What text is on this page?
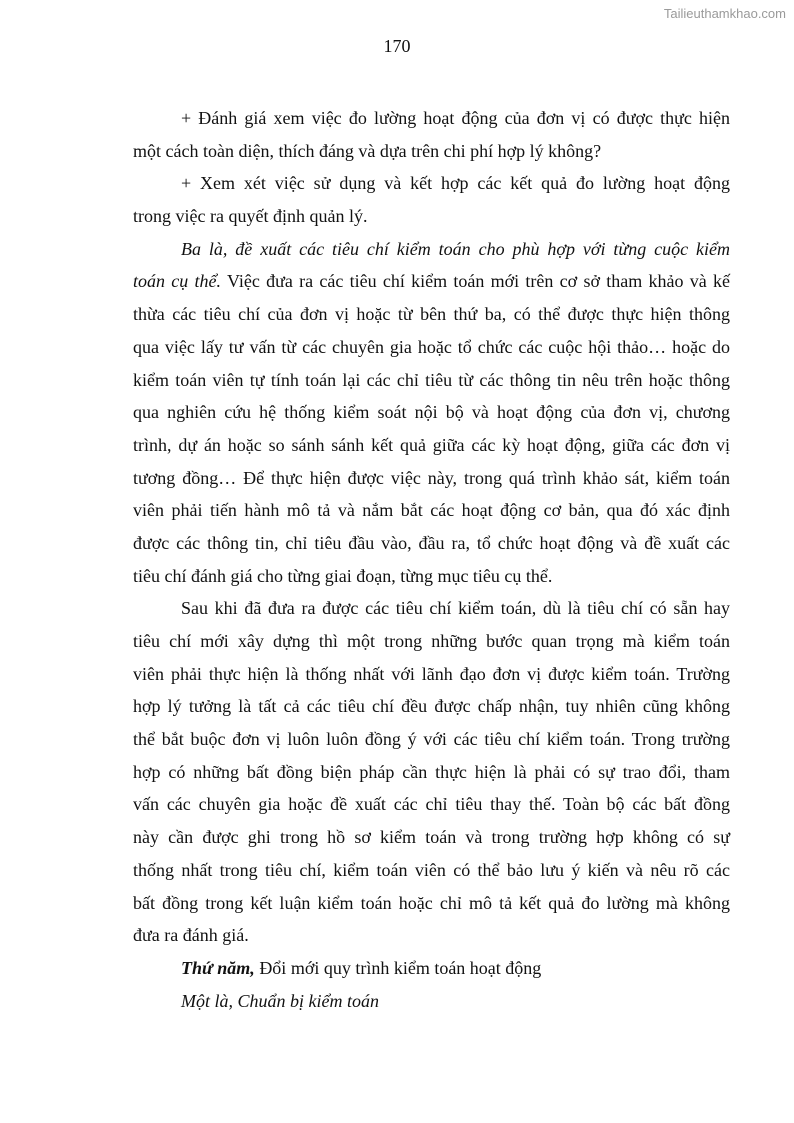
Tailieuthamkhao.com
170
+ Đánh giá xem việc đo lường hoạt động của đơn vị có được thực hiện
một cách toàn diện, thích đáng và dựa trên chi phí hợp lý không?
+ Xem xét việc sử dụng và kết hợp các kết quả đo lường hoạt động
trong việc ra quyết định quản lý.
Ba là, đề xuất các tiêu chí kiểm toán cho phù hợp với từng cuộc kiểm
toán cụ thể. Việc đưa ra các tiêu chí kiểm toán mới trên cơ sở tham khảo và kế
thừa các tiêu chí của đơn vị hoặc từ bên thứ ba, có thể được thực hiện thông
qua việc lấy tư vấn từ các chuyên gia hoặc tổ chức các cuộc hội thảo… hoặc do
kiểm toán viên tự tính toán lại các chỉ tiêu từ các thông tin nêu trên hoặc thông
qua nghiên cứu hệ thống kiểm soát nội bộ và hoạt động của đơn vị, chương
trình, dự án hoặc so sánh sánh kết quả giữa các kỳ hoạt động, giữa các đơn vị
tương đồng… Để thực hiện được việc này, trong quá trình khảo sát, kiểm toán
viên phải tiến hành mô tả và nắm bắt các hoạt động cơ bản, qua đó xác định
được các thông tin, chỉ tiêu đầu vào, đầu ra, tổ chức hoạt động và đề xuất các
tiêu chí đánh giá cho từng giai đoạn, từng mục tiêu cụ thể.
Sau khi đã đưa ra được các tiêu chí kiểm toán, dù là tiêu chí có sẵn hay
tiêu chí mới xây dựng thì một trong những bước quan trọng mà kiểm toán
viên phải thực hiện là thống nhất với lãnh đạo đơn vị được kiểm toán. Trường
hợp lý tưởng là tất cả các tiêu chí đều được chấp nhận, tuy nhiên cũng không
thể bắt buộc đơn vị luôn luôn đồng ý với các tiêu chí kiểm toán. Trong trường
hợp có những bất đồng biện pháp cần thực hiện là phải có sự trao đổi, tham
vấn các chuyên gia hoặc đề xuất các chỉ tiêu thay thế. Toàn bộ các bất đồng
này cần được ghi trong hồ sơ kiểm toán và trong trường hợp không có sự
thống nhất trong tiêu chí, kiểm toán viên có thể bảo lưu ý kiến và nêu rõ các
bất đồng trong kết luận kiểm toán hoặc chỉ mô tả kết quả đo lường mà không
đưa ra đánh giá.
Thứ năm, Đổi mới quy trình kiểm toán hoạt động
Một là, Chuẩn bị kiểm toán
